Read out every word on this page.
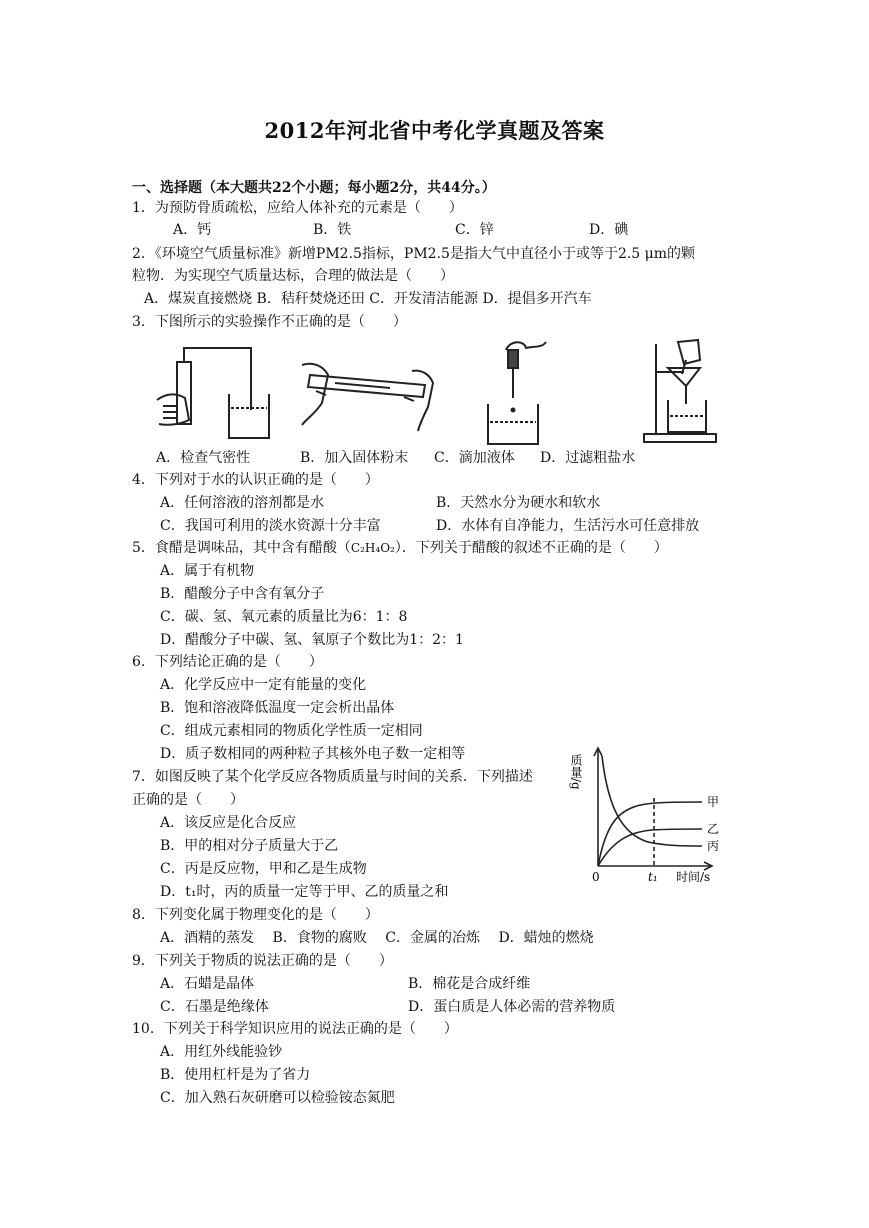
2012年河北省中考化学真题及答案
一、选择题（本大题共22个小题；每小题2分，共44分。）
1．为预防骨质疏松，应给人体补充的元素是（　　）
A．钙	B．铁	C．锌	D．碘
2．《环境空气质量标准》新增PM2.5指标，PM2.5是指大气中直径小于或等于2.5 μm的颗
粒物．为实现空气质量达标，合理的做法是（　　）
A．煤炭直接燃烧 B．秸秆焚烧还田 C．开发清洁能源 D．提倡多开汽车
3．下图所示的实验操作不正确的是（　　）
A．检查气密性	B．加入固体粉末 C．滴加液体 D．过滤粗盐水
4．下列对于水的认识正确的是（　　）
A．任何溶液的溶剂都是水	B．天然水分为硬水和软水
C．我国可利用的淡水资源十分丰富	D．水体有自净能力，生活污水可任意排放
5．食醋是调味品，其中含有醋酸（C₂H₄O₂）．下列关于醋酸的叙述不正确的是（　　）
A．属于有机物
B．醋酸分子中含有氧分子
C．碳、氢、氧元素的质量比为6：1：8
D．醋酸分子中碳、氢、氧原子个数比为1：2：1
6．下列结论正确的是（　　）
A．化学反应中一定有能量的变化
B．饱和溶液降低温度一定会析出晶体
C．组成元素相同的物质化学性质一定相同
D．质子数相同的两种粒子其核外电子数一定相等
7．如图反映了某个化学反应各物质质量与时间的关系．下列描述
正确的是（　　）
A．该反应是化合反应
B．甲的相对分子质量大于乙
C．丙是反应物，甲和乙是生成物
D．t₁时，丙的质量一定等于甲、乙的质量之和
质量/g
0	t₁ 时间/s
甲
乙
丙
8．下列变化属于物理变化的是（　　）
A．酒精的蒸发　 B．食物的腐败　 C．金属的冶炼　 D．蜡烛的燃烧
9．下列关于物质的说法正确的是（　　）
A．石蜡是晶体	B．棉花是合成纤维
C．石墨是绝缘体	D．蛋白质是人体必需的营养物质
10．下列关于科学知识应用的说法正确的是（　　）
A．用红外线能验钞
B．使用杠杆是为了省力
C．加入熟石灰研磨可以检验铵态氮肥
